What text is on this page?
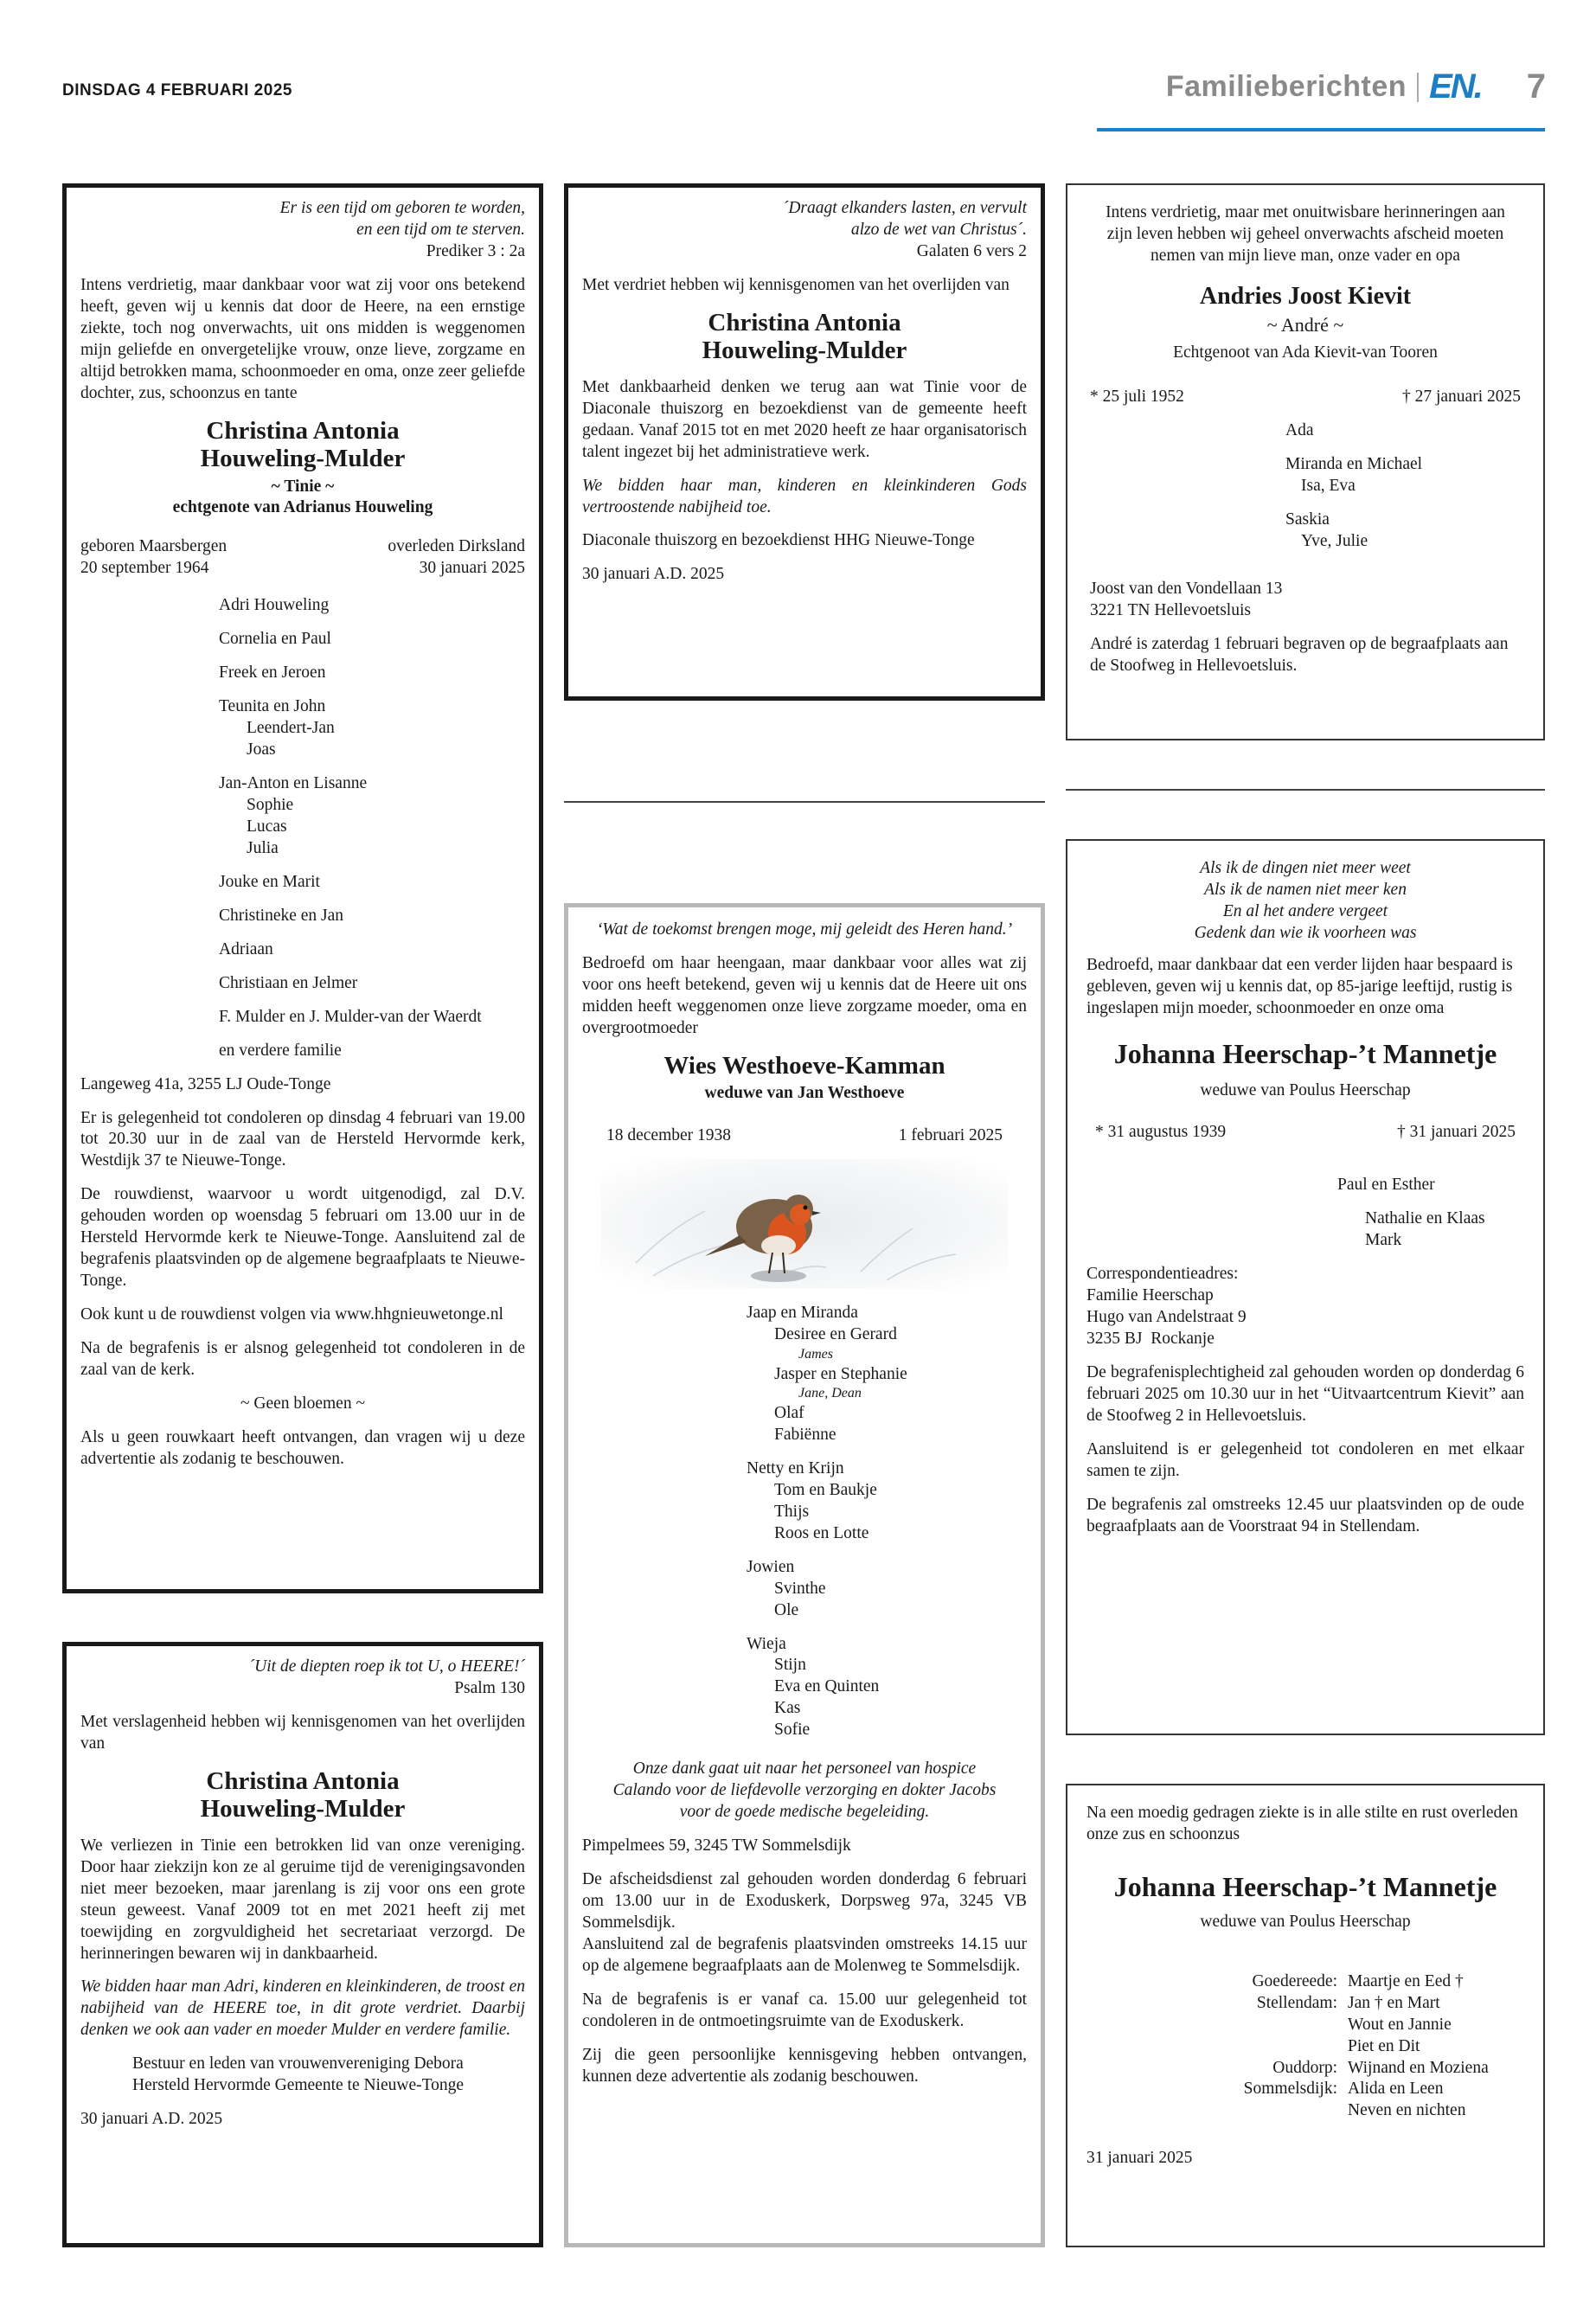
DINSDAG 4 FEBRUARI 2025	Familieberichten EN. 7
Er is een tijd om geboren te worden,
en een tijd om te sterven.
Prediker 3 : 2a

Intens verdrietig, maar dankbaar voor wat zij voor ons betekend heeft, geven wij u kennis dat door de Heere, na een ernstige ziekte, toch nog onverwachts, uit ons midden is weggenomen mijn geliefde en onvergetelijke vrouw, onze lieve, zorgzame en altijd betrokken mama, schoonmoeder en oma, onze zeer geliefde dochter, zus, schoonzus en tante

Christina Antonia
Houweling-Mulder

~ Tinie ~

echtgenote van Adrianus Houweling

geboren Maarsbergen
20 september 1964
overleden Dirksland
30 januari 2025
Adri Houweling
Cornelia en Paul
Freek en Jeroen
Teunita en John
Leendert-Jan
Joas
Jan-Anton en Lisanne
Sophie
Lucas
Julia
Jouke en Marit
Christineke en Jan
Adriaan
Christiaan en Jelmer
F. Mulder en J. Mulder-van der Waerdt
en verdere familie

Langeweg 41a, 3255 LJ Oude-Tonge

Er is gelegenheid tot condoleren op dinsdag 4 februari van 19.00 tot 20.30 uur in de zaal van de Hersteld Hervormde kerk, Westdijk 37 te Nieuwe-Tonge.

De rouwdienst, waarvoor u wordt uitgenodigd, zal D.V. gehouden worden op woensdag 5 februari om 13.00 uur in de Hersteld Hervormde kerk te Nieuwe-Tonge. Aansluitend zal de begrafenis plaatsvinden op de algemene begraafplaats te Nieuwe-Tonge.

Ook kunt u de rouwdienst volgen via www.hhgnieuwetonge.nl

Na de begrafenis is er alsnog gelegenheid tot condoleren in de zaal van de kerk.

~ Geen bloemen ~

Als u geen rouwkaart heeft ontvangen, dan vragen wij u deze advertentie als zodanig te beschouwen.

´Uit de diepten roep ik tot U, o HEERE!´
Psalm 130

Met verslagenheid hebben wij kennisgenomen van het overlijden van

Christina Antonia
Houweling-Mulder

We verliezen in Tinie een betrokken lid van onze vereniging. Door haar ziekzijn kon ze al geruime tijd de verenigingsavonden niet meer bezoeken, maar jarenlang is zij voor ons een grote steun geweest. Vanaf 2009 tot en met 2021 heeft zij met toewijding en zorgvuldigheid het secretariaat verzorgd. De herinneringen bewaren wij in dankbaarheid.

We bidden haar man Adri, kinderen en kleinkinderen, de troost en nabijheid van de HEERE toe, in dit grote verdriet. Daarbij denken we ook aan vader en moeder Mulder en verdere familie.

Bestuur en leden van vrouwenvereniging Debora
Hersteld Hervormde Gemeente te Nieuwe-Tonge

30 januari A.D. 2025

´Draagt elkanders lasten, en vervult
alzo de wet van Christus´.
Galaten 6 vers 2

Met verdriet hebben wij kennisgenomen van het overlijden van

Christina Antonia
Houweling-Mulder

Met dankbaarheid denken we terug aan wat Tinie voor de Diaconale thuiszorg en bezoekdienst van de gemeente heeft gedaan. Vanaf 2015 tot en met 2020 heeft ze haar organisatorisch talent ingezet bij het administratieve werk.

We bidden haar man, kinderen en kleinkinderen Gods vertroostende nabijheid toe.

Diaconale thuiszorg en bezoekdienst HHG Nieuwe-Tonge

30 januari A.D. 2025

‘Wat de toekomst brengen moge, mij geleidt des Heren hand.’

Bedroefd om haar heengaan, maar dankbaar voor alles wat zij voor ons heeft betekend, geven wij u kennis dat de Heere uit ons midden heeft weggenomen onze lieve zorgzame moeder, oma en overgrootmoeder

Wies Westhoeve-Kamman

weduwe van Jan Westhoeve

18 december 1938	1 februari 2025
Jaap en Miranda
Desiree en Gerard
James
Jasper en Stephanie
Jane, Dean
Olaf
Fabiënne
Netty en Krijn
Tom en Baukje
Thijs
Roos en Lotte
Jowien
Svinthe
Ole
Wieja
Stijn
Eva en Quinten
Kas
Sofie

Onze dank gaat uit naar het personeel van hospice Calando voor de liefdevolle verzorging en dokter Jacobs voor de goede medische begeleiding.

Pimpelmees 59, 3245 TW Sommelsdijk

De afscheidsdienst zal gehouden worden donderdag 6 februari om 13.00 uur in de Exoduskerk, Dorpsweg 97a, 3245 VB Sommelsdijk.

Aansluitend zal de begrafenis plaatsvinden omstreeks 14.15 uur op de algemene begraafplaats aan de Molenweg te Sommelsdijk.

Na de begrafenis is er vanaf ca. 15.00 uur gelegenheid tot condoleren in de ontmoetingsruimte van de Exoduskerk.

Zij die geen persoonlijke kennisgeving hebben ontvangen, kunnen deze advertentie als zodanig beschouwen.

Intens verdrietig, maar met onuitwisbare herinneringen aan zijn leven hebben wij geheel onverwachts afscheid moeten nemen van mijn lieve man, onze vader en opa

Andries Joost Kievit

~ André ~

Echtgenoot van Ada Kievit-van Tooren

* 25 juli 1952	† 27 januari 2025
Ada
Miranda en Michael
Isa, Eva
Saskia
Yve, Julie
Joost van den Vondellaan 13
3221 TN Hellevoetsluis

André is zaterdag 1 februari begraven op de begraafplaats aan de Stoofweg in Hellevoetsluis.

Als ik de dingen niet meer weet
Als ik de namen niet meer ken
En al het andere vergeet
Gedenk dan wie ik voorheen was

Bedroefd, maar dankbaar dat een verder lijden haar bespaard is gebleven, geven wij u kennis dat, op 85-jarige leeftijd, rustig is ingeslapen mijn moeder, schoonmoeder en onze oma

Johanna Heerschap-’t Mannetje

weduwe van Poulus Heerschap

* 31 augustus 1939	† 31 januari 2025
Paul en Esther
Nathalie en Klaas
Mark
Correspondentieadres:
Familie Heerschap
Hugo van Andelstraat 9
3235 BJ  Rockanje

De begrafenisplechtigheid zal gehouden worden op donderdag 6 februari 2025 om 10.30 uur in het “Uitvaartcentrum Kievit” aan de Stoofweg 2 in Hellevoetsluis.

Aansluitend is er gelegenheid tot condoleren en met elkaar samen te zijn.

De begrafenis zal omstreeks 12.45 uur plaatsvinden op de oude begraafplaats aan de Voorstraat 94 in Stellendam.

Na een moedig gedragen ziekte is in alle stilte en rust overleden onze zus en schoonzus

Johanna Heerschap-’t Mannetje

weduwe van Poulus Heerschap

Goedereede: Maartje en Eed †
Stellendam: Jan † en Mart
Wout en Jannie
Piet en Dit
Ouddorp: Wijnand en Moziena
Sommelsdijk: Alida en Leen
Neven en nichten

31 januari 2025
